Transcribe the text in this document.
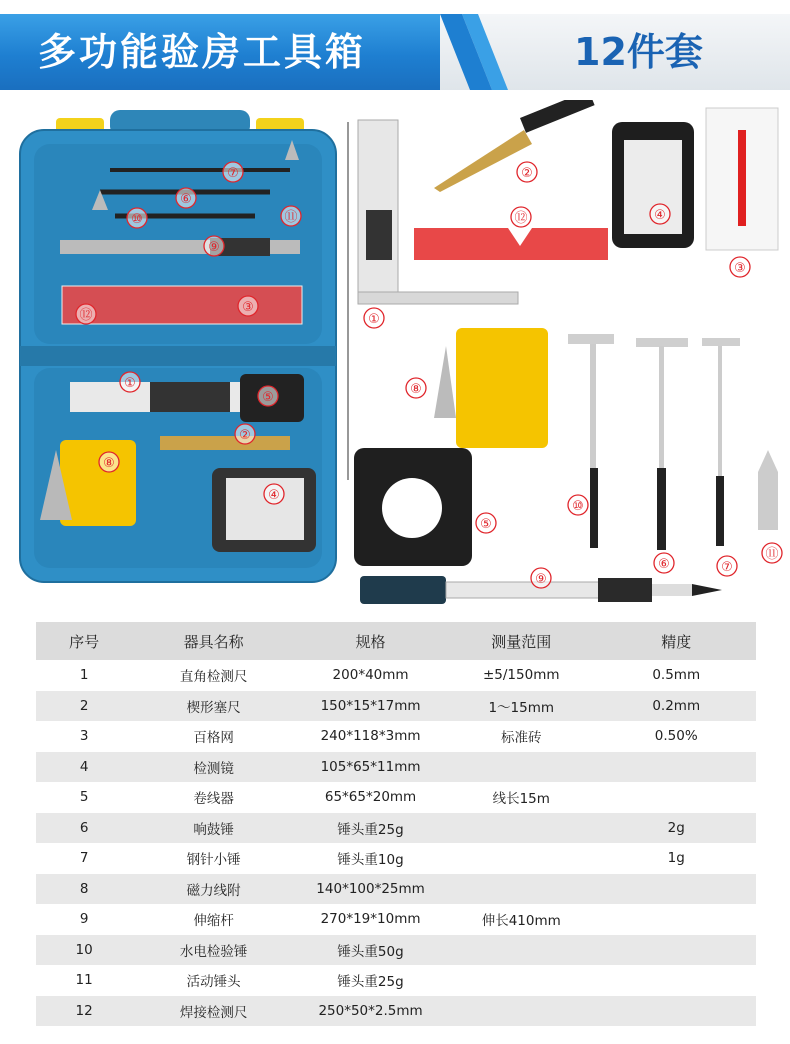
多功能验房工具箱	12件套
⑦
⑥
⑩	⑪
⑨
③
⑫
①
⑤
②
⑧
④
①
②
③
④
⑤
⑥	⑦
⑧
⑨
⑩
⑪
⑫
序号	器具名称	规格	测量范围	精度
1	直角检测尺	200*40mm	±5/150mm	0.5mm
2	楔形塞尺	150*15*17mm	1～15mm	0.2mm
3	百格网	240*118*3mm	标准砖	0.50%
4	检测镜	105*65*11mm		
5	卷线器	65*65*20mm	线长15m	
6	响鼓锤	锤头重25g		2g
7	钢针小锤	锤头重10g		1g
8	磁力线附	140*100*25mm		
9	伸缩杆	270*19*10mm	伸长410mm	
10	水电检验锤	锤头重50g		
11	活动锤头	锤头重25g		
12	焊接检测尺	250*50*2.5mm		
